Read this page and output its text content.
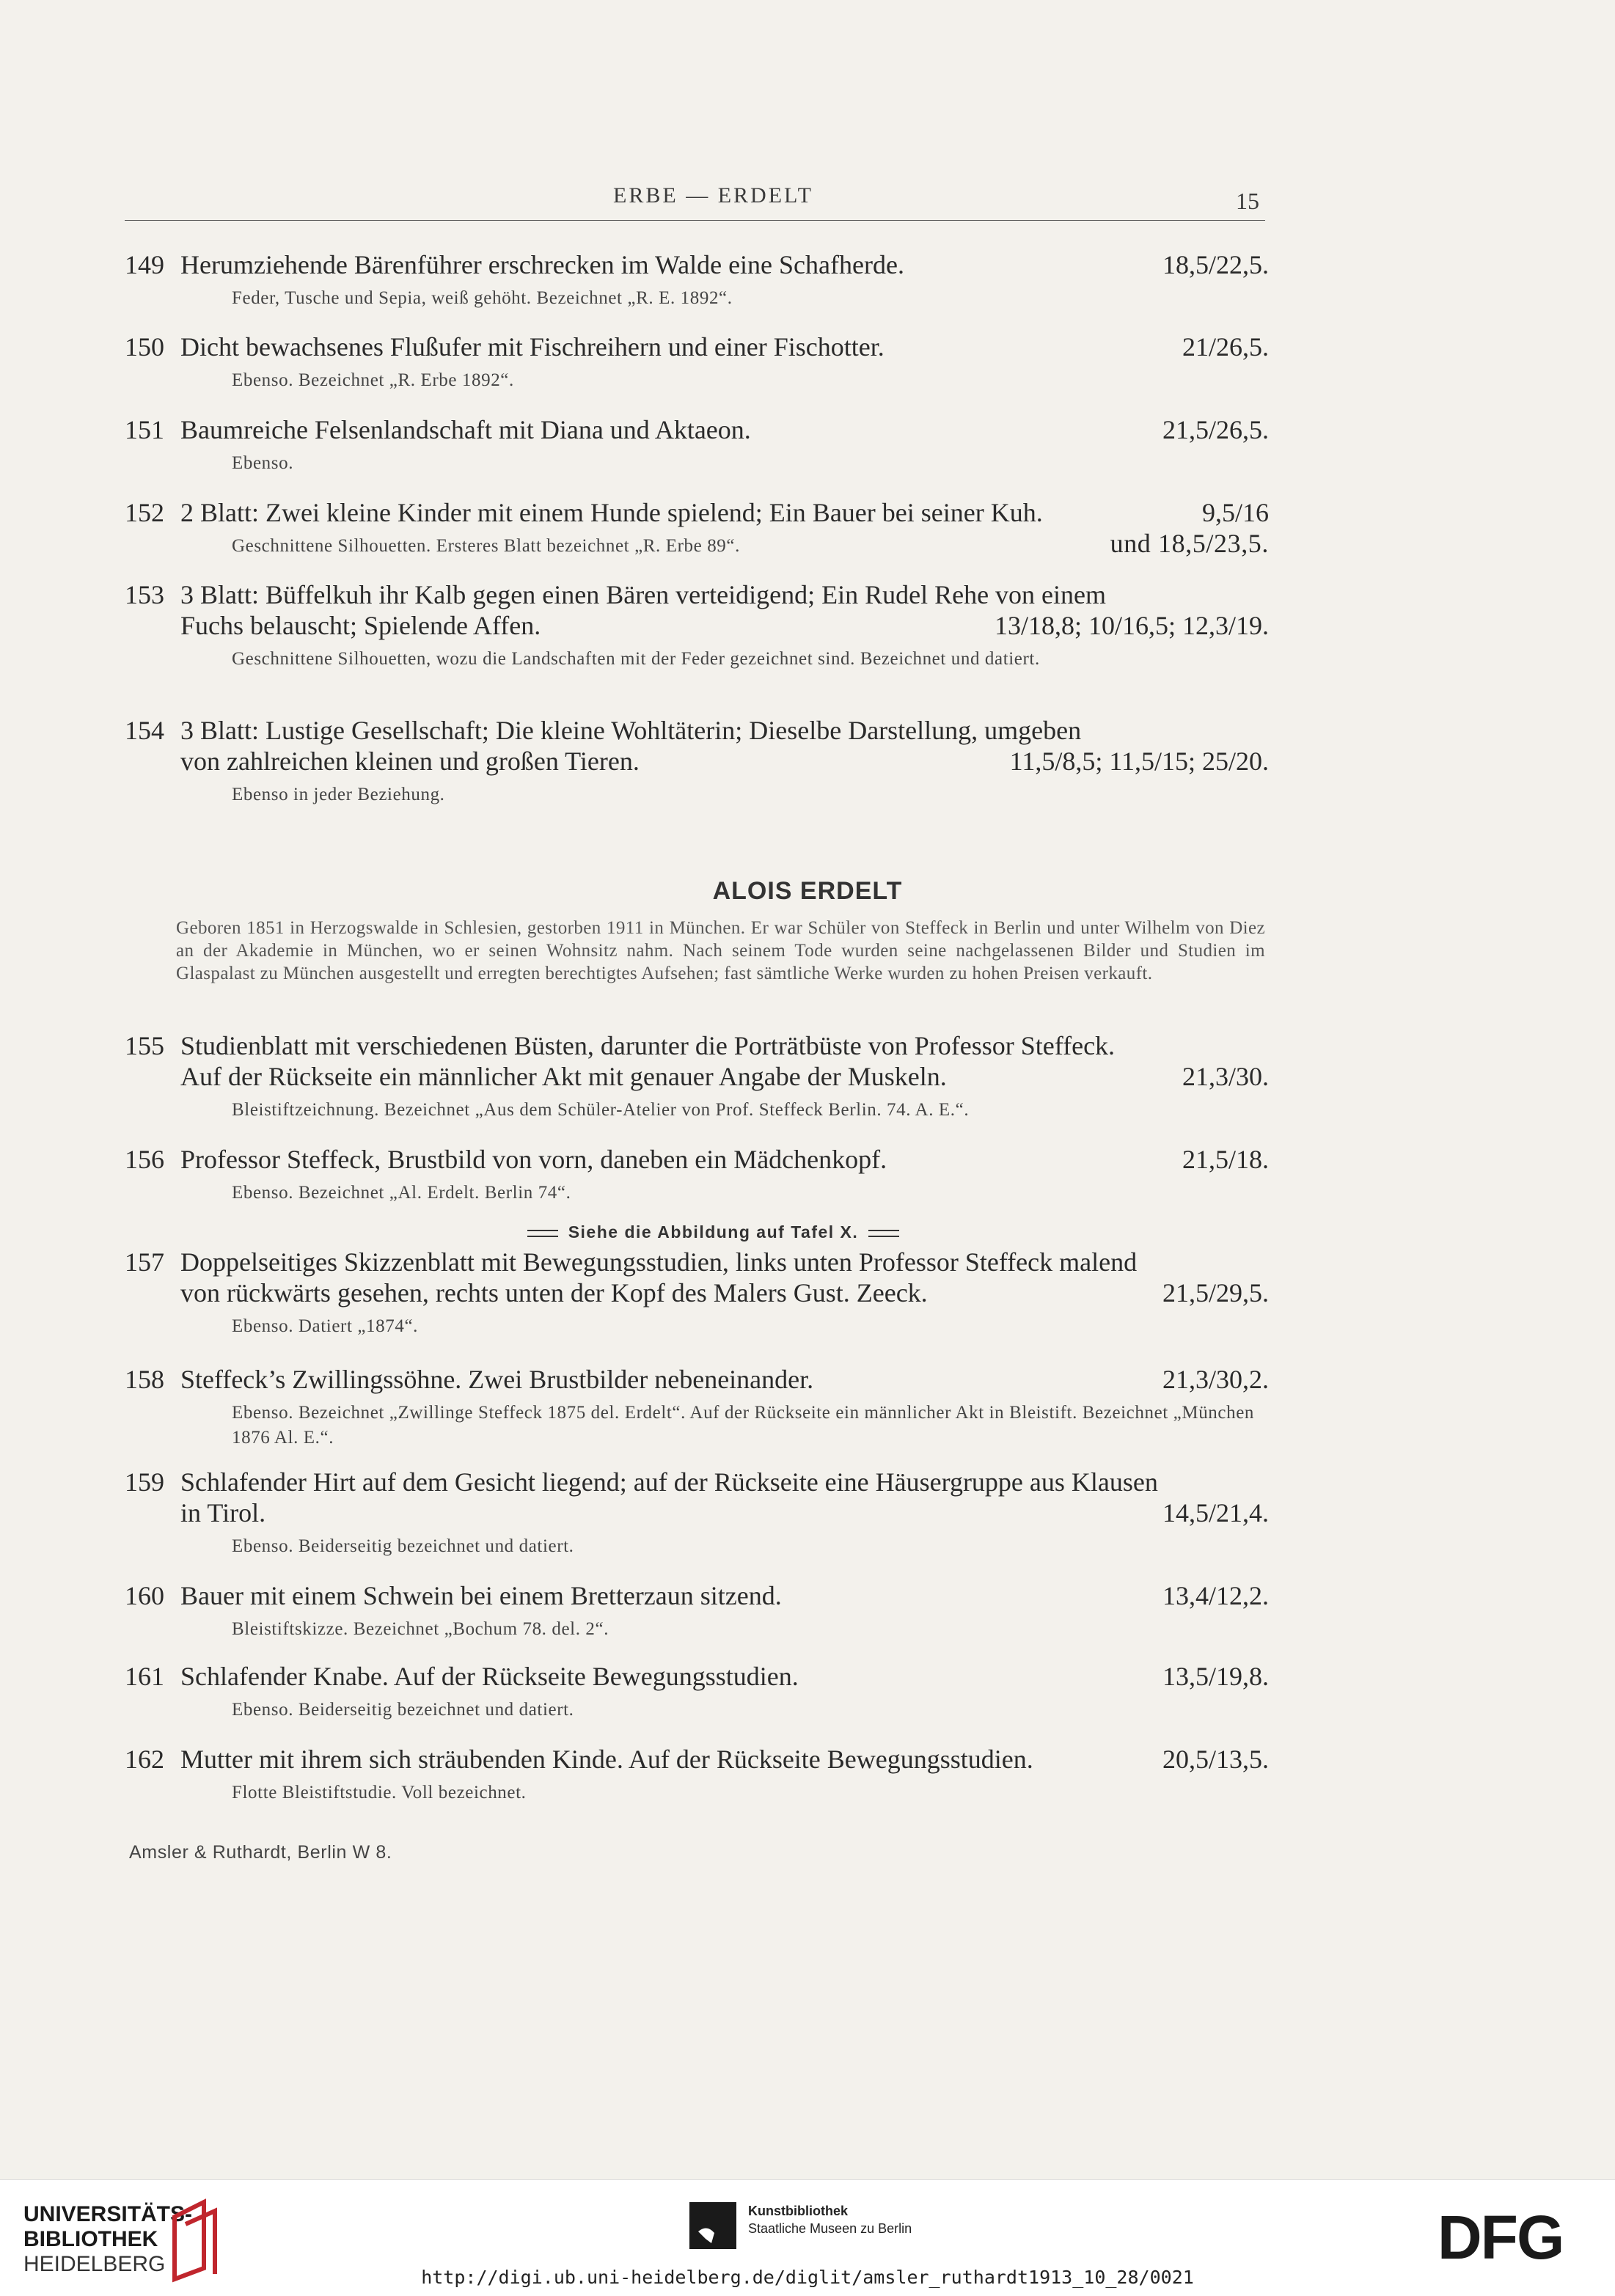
ERBE — ERDELT	15
149 Herumziehende Bärenführer erschrecken im Walde eine Schafherde.	18,5/22,5.
Feder, Tusche und Sepia, weiß gehöht. Bezeichnet „R. E. 1892“.
150 Dicht bewachsenes Flußufer mit Fischreihern und einer Fischotter.	21/26,5.
Ebenso. Bezeichnet „R. Erbe 1892“.
151 Baumreiche Felsenlandschaft mit Diana und Aktaeon.	21,5/26,5.
Ebenso.
152 2 Blatt: Zwei kleine Kinder mit einem Hunde spielend; Ein Bauer bei seiner Kuh.	9,5/16
Geschnittene Silhouetten. Ersteres Blatt bezeichnet „R. Erbe 89“.	und 18,5/23,5.
153 3 Blatt: Büffelkuh ihr Kalb gegen einen Bären verteidigend; Ein Rudel Rehe von einem
Fuchs belauscht; Spielende Affen.	13/18,8; 10/16,5; 12,3/19.
Geschnittene Silhouetten, wozu die Landschaften mit der Feder gezeichnet sind. Bezeichnet und datiert.
154 3 Blatt: Lustige Gesellschaft; Die kleine Wohltäterin; Dieselbe Darstellung, umgeben
von zahlreichen kleinen und großen Tieren.	11,5/8,5; 11,5/15; 25/20.
Ebenso in jeder Beziehung.
155 Studienblatt mit verschiedenen Büsten, darunter die Porträtbüste von Professor Steffeck.
Auf der Rückseite ein männlicher Akt mit genauer Angabe der Muskeln.	21,3/30.
Bleistiftzeichnung. Bezeichnet „Aus dem Schüler-Atelier von Prof. Steffeck Berlin. 74. A. E.“.
156 Professor Steffeck, Brustbild von vorn, daneben ein Mädchenkopf.	21,5/18.
Ebenso. Bezeichnet „Al. Erdelt. Berlin 74“.
157 Doppelseitiges Skizzenblatt mit Bewegungsstudien, links unten Professor Steffeck malend
von rückwärts gesehen, rechts unten der Kopf des Malers Gust. Zeeck.	21,5/29,5.
Ebenso. Datiert „1874“.
158 Steffeck’s Zwillingssöhne. Zwei Brustbilder nebeneinander.	21,3/30,2.
Ebenso. Bezeichnet „Zwillinge Steffeck 1875 del. Erdelt“. Auf der Rückseite ein männlicher Akt in Bleistift. Bezeichnet „München 1876 Al. E.“.
159 Schlafender Hirt auf dem Gesicht liegend; auf der Rückseite eine Häusergruppe aus Klausen
in Tirol.	14,5/21,4.
Ebenso. Beiderseitig bezeichnet und datiert.
160 Bauer mit einem Schwein bei einem Bretterzaun sitzend.	13,4/12,2.
Bleistiftskizze. Bezeichnet „Bochum 78. del. 2“.
161 Schlafender Knabe. Auf der Rückseite Bewegungsstudien.	13,5/19,8.
Ebenso. Beiderseitig bezeichnet und datiert.
162 Mutter mit ihrem sich sträubenden Kinde. Auf der Rückseite Bewegungsstudien.	20,5/13,5.
Flotte Bleistiftstudie. Voll bezeichnet.
ALOIS ERDELT
Geboren 1851 in Herzogswalde in Schlesien, gestorben 1911 in München. Er war Schüler von Steffeck in Berlin und unter Wilhelm von Diez an der Akademie in München, wo er seinen Wohnsitz nahm. Nach seinem Tode wurden seine nachgelassenen Bilder und Studien im Glaspalast zu München ausgestellt und erregten berechtigtes Aufsehen; fast sämtliche Werke wurden zu hohen Preisen verkauft.
Siehe die Abbildung auf Tafel X.
Amsler & Ruthardt, Berlin W 8.
UNIVERSITÄTS-
BIBLIOTHEK
HEIDELBERG
Kunstbibliothek
Staatliche Museen zu Berlin	DFG
http://digi.ub.uni-heidelberg.de/diglit/amsler_ruthardt1913_10_28/0021
